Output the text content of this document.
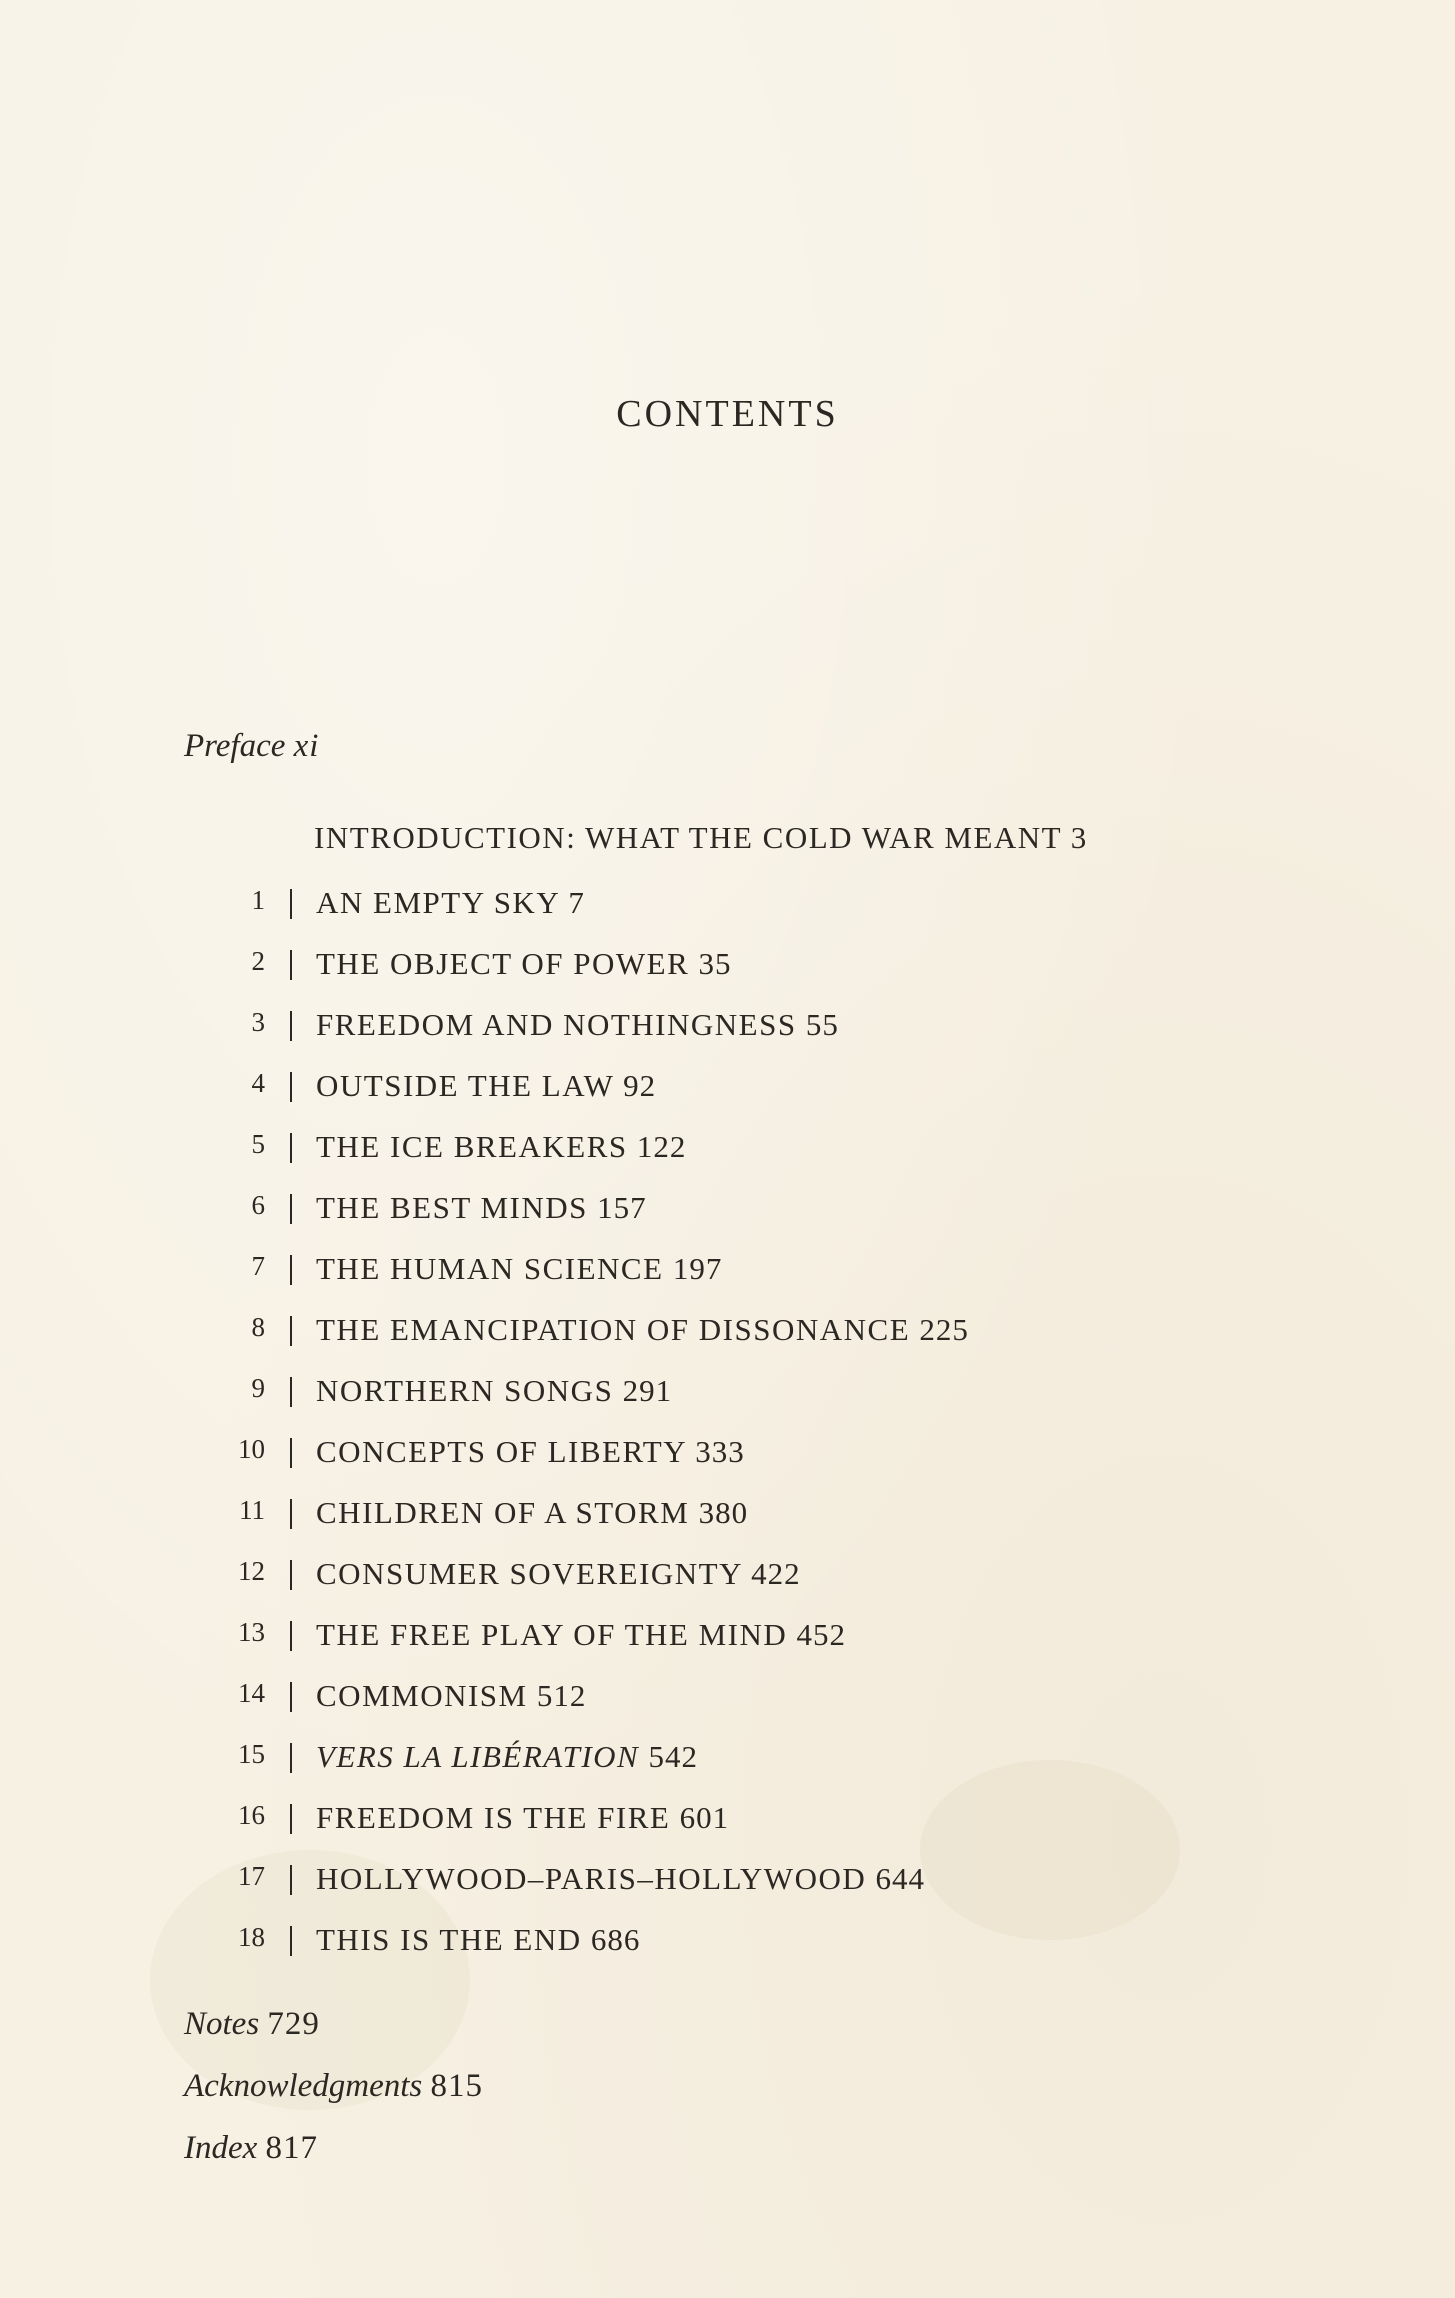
CONTENTS
Preface xi
INTRODUCTION: WHAT THE COLD WAR MEANT 3
1 AN EMPTY SKY 7
2 THE OBJECT OF POWER 35
3 FREEDOM AND NOTHINGNESS 55
4 OUTSIDE THE LAW 92
5 THE ICE BREAKERS 122
6 THE BEST MINDS 157
7 THE HUMAN SCIENCE 197
8 THE EMANCIPATION OF DISSONANCE 225
9 NORTHERN SONGS 291
10 CONCEPTS OF LIBERTY 333
11 CHILDREN OF A STORM 380
12 CONSUMER SOVEREIGNTY 422
13 THE FREE PLAY OF THE MIND 452
14 COMMONISM 512
15 VERS LA LIBÉRATION 542
16 FREEDOM IS THE FIRE 601
17 HOLLYWOOD–PARIS–HOLLYWOOD 644
18 THIS IS THE END 686
Notes 729
Acknowledgments 815
Index 817
